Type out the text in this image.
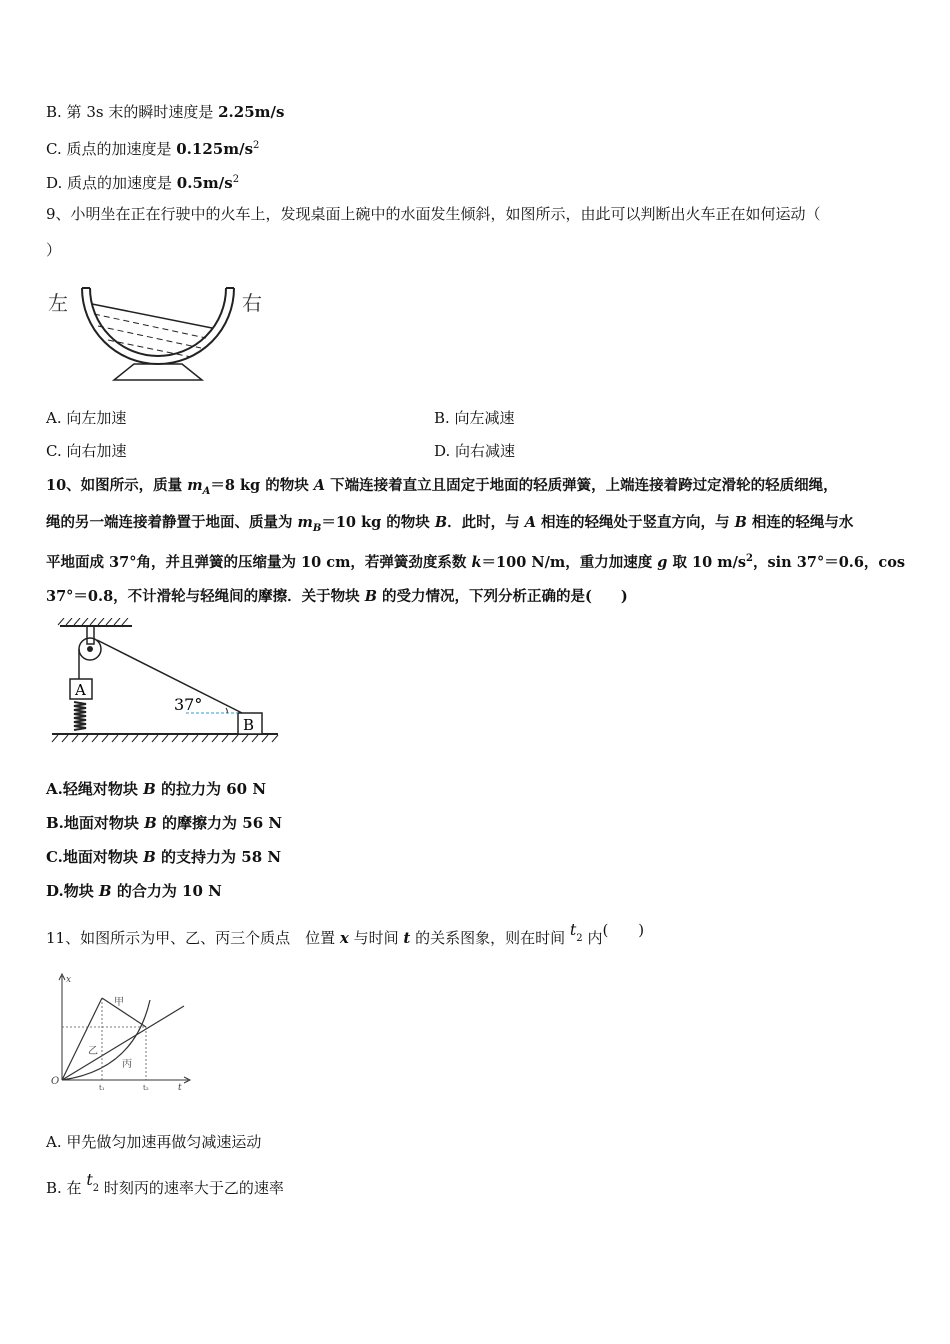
B. 第 3s 末的瞬时速度是 2.25m/s
C. 质点的加速度是 $0.125m/s^2$
D. 质点的加速度是 $0.5m/s^2$
9、小明坐在正在行驶中的火车上，发现桌面上碗中的水面发生倾斜，如图所示，由此可以判断出火车正在如何运动（
）
左	右
A. 向左加速	B. 向左减速
C. 向右加速	D. 向右减速
10、如图所示，质量 $m_A=8$ kg 的物块 A 下端连接着直立且固定于地面的轻质弹簧，上端连接着跨过定滑轮的轻质细绳，
绳的另一端连接着静置于地面、质量为 $m_B=10$ kg 的物块 B．此时，与 A 相连的轻绳处于竖直方向，与 B 相连的轻绳与水
平地面成 37°角，并且弹簧的压缩量为 10 cm，若弹簧劲度系数 k＝100 N/m，重力加速度 g 取 10 $m/s^2$，sin 37°＝0.6，cos
37°＝0.8，不计滑轮与轻绳间的摩擦．关于物块 B 的受力情况，下列分析正确的是(　　)
A
B
37°
A.轻绳对物块 B 的拉力为 60 N
B.地面对物块 B 的摩擦力为 56 N
C.地面对物块 B 的支持力为 58 N
D.物块 B 的合力为 10 N
11、如图所示为甲、乙、丙三个质点　位置 x 与时间 t 的关系图象，则在时间 $t_2$ 内(　　)
x
t
O
甲
乙
丙
t₁	t₂
A. 甲先做匀加速再做匀减速运动
B. 在 $t_2$ 时刻丙的速率大于乙的速率
